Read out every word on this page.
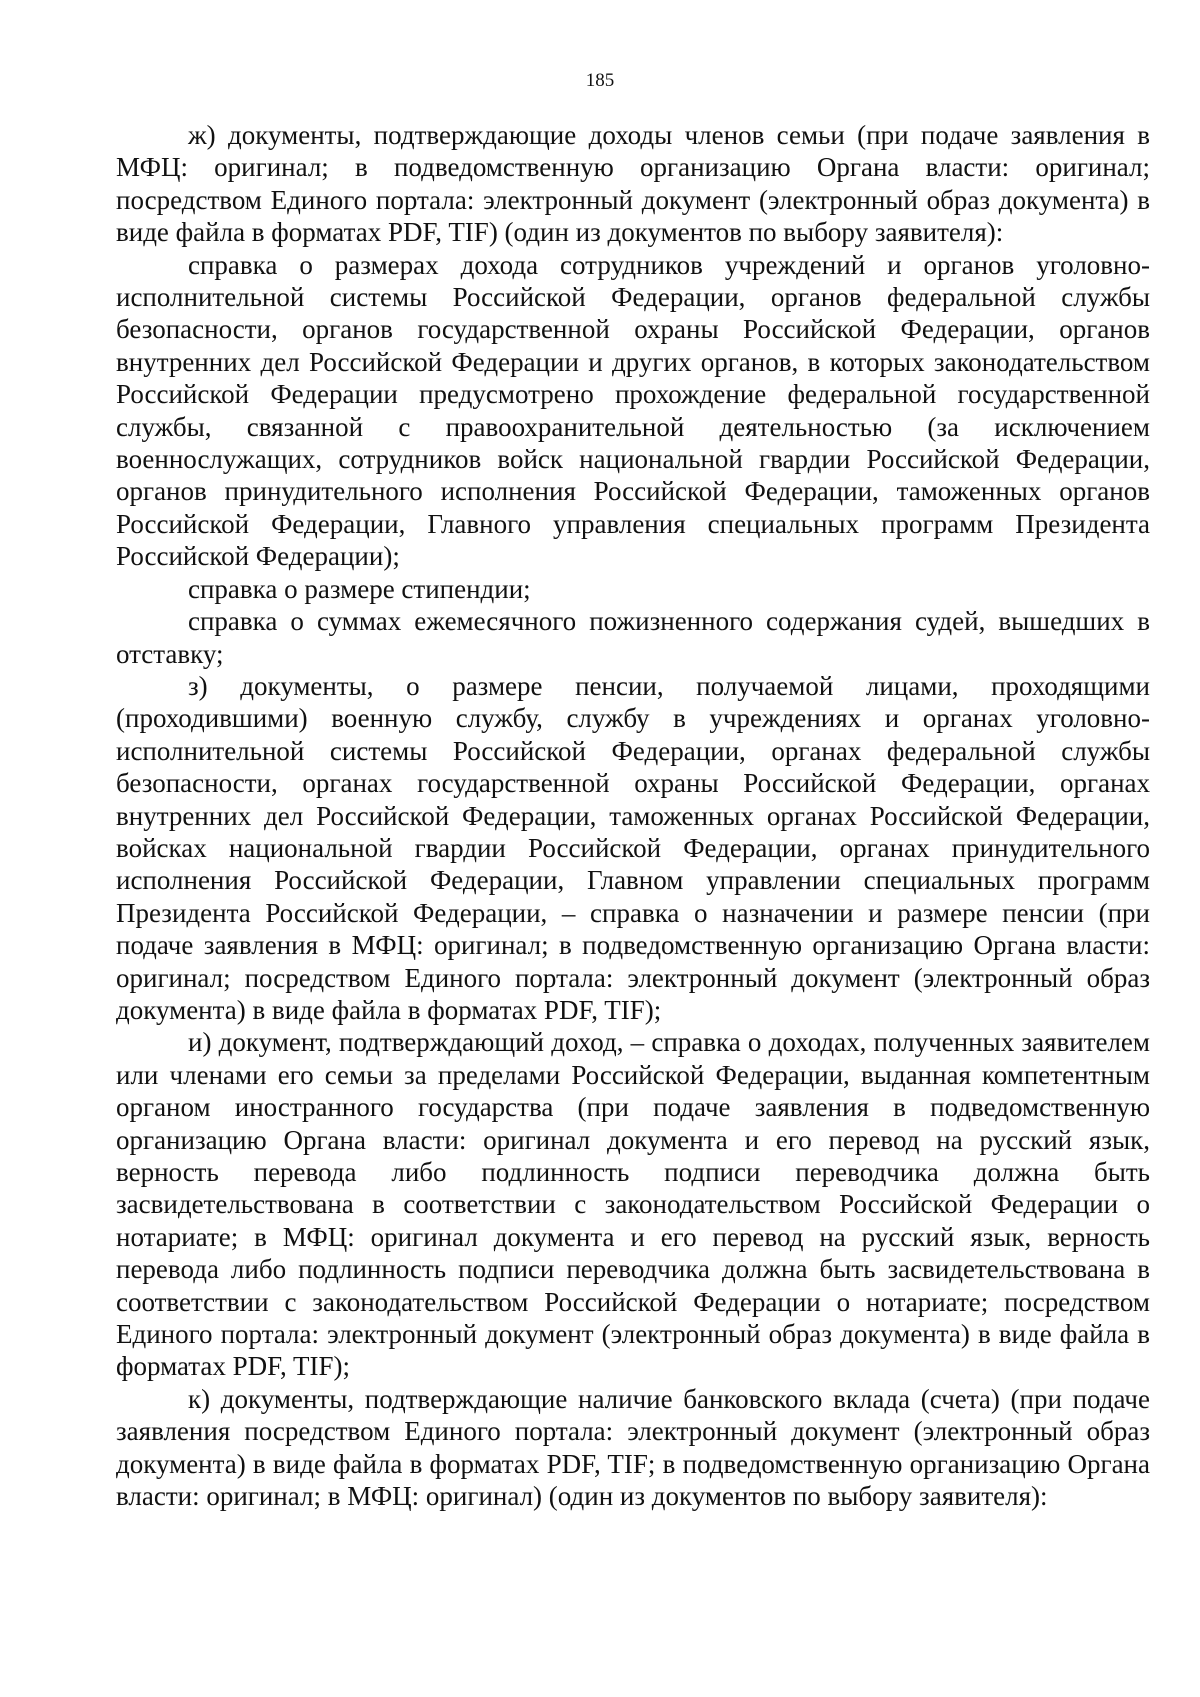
185

ж) документы, подтверждающие доходы членов семьи (при подаче заявления в МФЦ: оригинал; в подведомственную организацию Органа власти: оригинал; посредством Единого портала: электронный документ (электронный образ документа) в виде файла в форматах PDF, TIF) (один из документов по выбору заявителя):

справка о размерах дохода сотрудников учреждений и органов уголовно-исполнительной системы Российской Федерации, органов федеральной службы безопасности, органов государственной охраны Российской Федерации, органов внутренних дел Российской Федерации и других органов, в которых законодательством Российской Федерации предусмотрено прохождение федеральной государственной службы, связанной с правоохранительной деятельностью (за исключением военнослужащих, сотрудников войск национальной гвардии Российской Федерации, органов принудительного исполнения Российской Федерации, таможенных органов Российской Федерации, Главного управления специальных программ Президента Российской Федерации);

справка о размере стипендии;

справка о суммах ежемесячного пожизненного содержания судей, вышедших в отставку;

з) документы, о размере пенсии, получаемой лицами, проходящими (проходившими) военную службу, службу в учреждениях и органах уголовно-исполнительной системы Российской Федерации, органах федеральной службы безопасности, органах государственной охраны Российской Федерации, органах внутренних дел Российской Федерации, таможенных органах Российской Федерации, войсках национальной гвардии Российской Федерации, органах принудительного исполнения Российской Федерации, Главном управлении специальных программ Президента Российской Федерации, – справка о назначении и размере пенсии (при подаче заявления в МФЦ: оригинал; в подведомственную организацию Органа власти: оригинал; посредством Единого портала: электронный документ (электронный образ документа) в виде файла в форматах PDF, TIF);

и) документ, подтверждающий доход, – справка о доходах, полученных заявителем или членами его семьи за пределами Российской Федерации, выданная компетентным органом иностранного государства (при подаче заявления в подведомственную организацию Органа власти: оригинал документа и его перевод на русский язык, верность перевода либо подлинность подписи переводчика должна быть засвидетельствована в соответствии с законодательством Российской Федерации о нотариате; в МФЦ: оригинал документа и его перевод на русский язык, верность перевода либо подлинность подписи переводчика должна быть засвидетельствована в соответствии с законодательством Российской Федерации о нотариате; посредством Единого портала: электронный документ (электронный образ документа) в виде файла в форматах PDF, TIF);

к) документы, подтверждающие наличие банковского вклада (счета) (при подаче заявления посредством Единого портала: электронный документ (электронный образ документа) в виде файла в форматах PDF, TIF; в подведомственную организацию Органа власти: оригинал; в МФЦ: оригинал) (один из документов по выбору заявителя):
